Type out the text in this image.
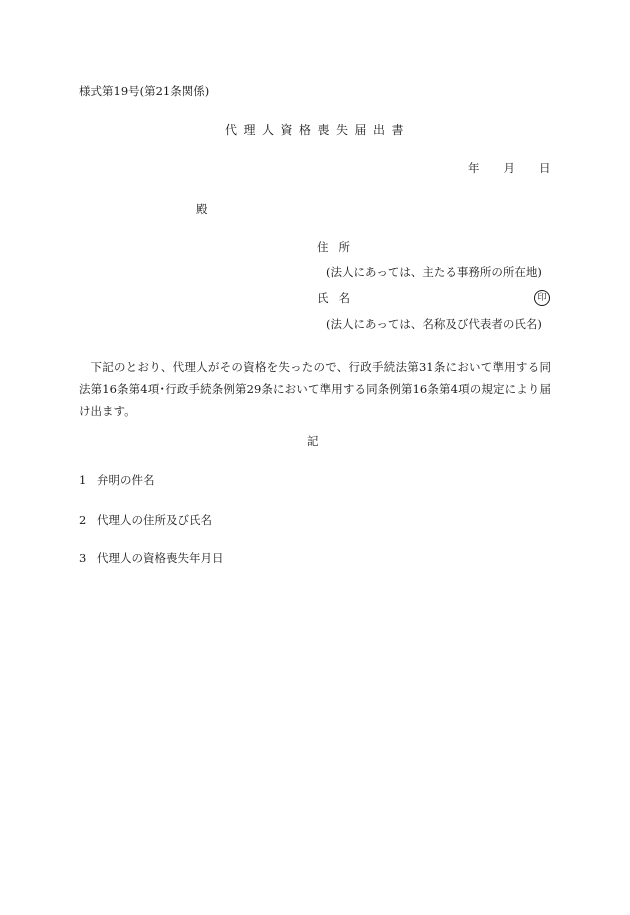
様式第19号(第21条関係)
代理人資格喪失届出書
年 月 日
殿
住所
(法人にあっては、主たる事務所の所在地)
氏名	印
(法人にあっては、名称及び代表者の氏名)
下記のとおり、代理人がその資格を失ったので、行政手続法第31条において準用する同法第16条第4項･行政手続条例第29条において準用する同条例第16条第4項の規定により届け出ます。
記
1 弁明の件名
2 代理人の住所及び氏名
3 代理人の資格喪失年月日
